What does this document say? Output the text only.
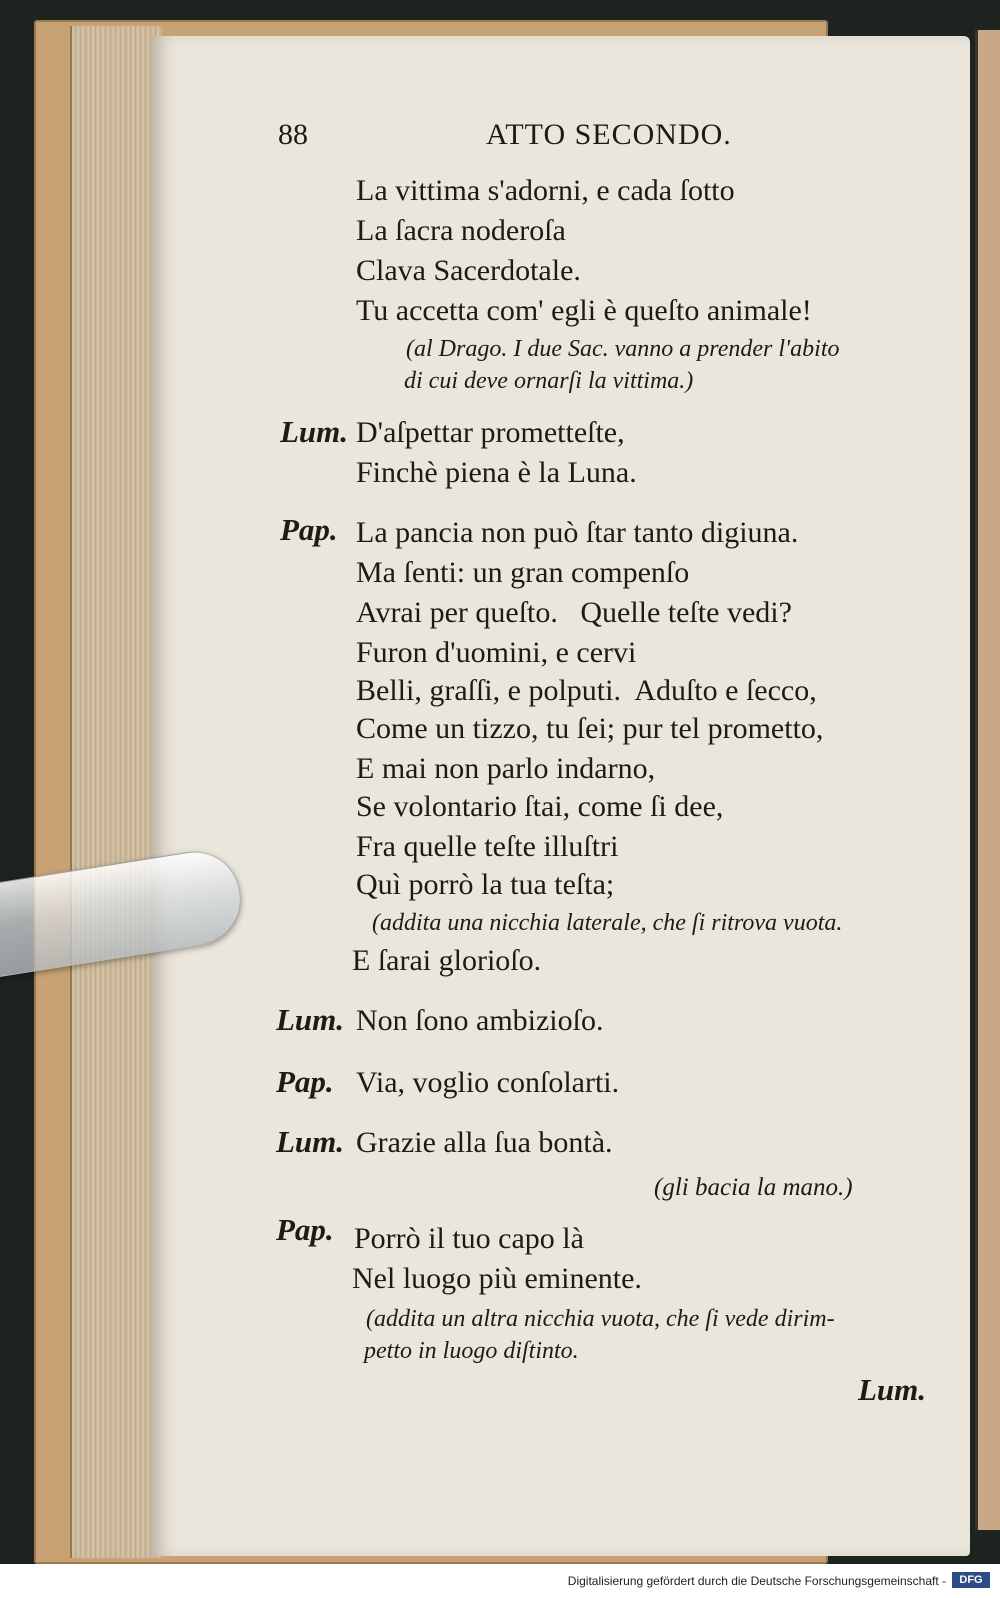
88	ATTO SECONDO.
La vittima s'adorni, e cada ſotto
La ſacra noderoſa
Clava Sacerdotale.
Tu accetta com' egli è queſto animale!
(al Drago. I due Sac. vanno a prender l'abito
di cui deve ornarſi la vittima.)
Lum. D'aſpettar prometteſte,
Finchè piena è la Luna.
Pap. La pancia non può ſtar tanto digiuna.
Ma ſenti: un gran compenſo
Avrai per queſto.   Quelle teſte vedi?
Furon d'uomini, e cervi
Belli, graſſi, e polputi.  Aduſto e ſecco,
Come un tizzo, tu ſei; pur tel prometto,
E mai non parlo indarno,
Se volontario ſtai, come ſi dee,
Fra quelle teſte illuſtri
Quì porrò la tua teſta;
(addita una nicchia laterale, che ſi ritrova vuota.
E ſarai glorioſo.
Lum. Non ſono ambizioſo.
Pap. Via, voglio conſolarti.
Lum. Grazie alla ſua bontà.
(gli bacia la mano.)
Pap. Porrò il tuo capo là
Nel luogo più eminente.
(addita un altra nicchia vuota, che ſi vede dirim-
petto in luogo diſtinto.
Lum.
Digitalisierung gefördert durch die Deutsche Forschungsgemeinschaft -	DFG
